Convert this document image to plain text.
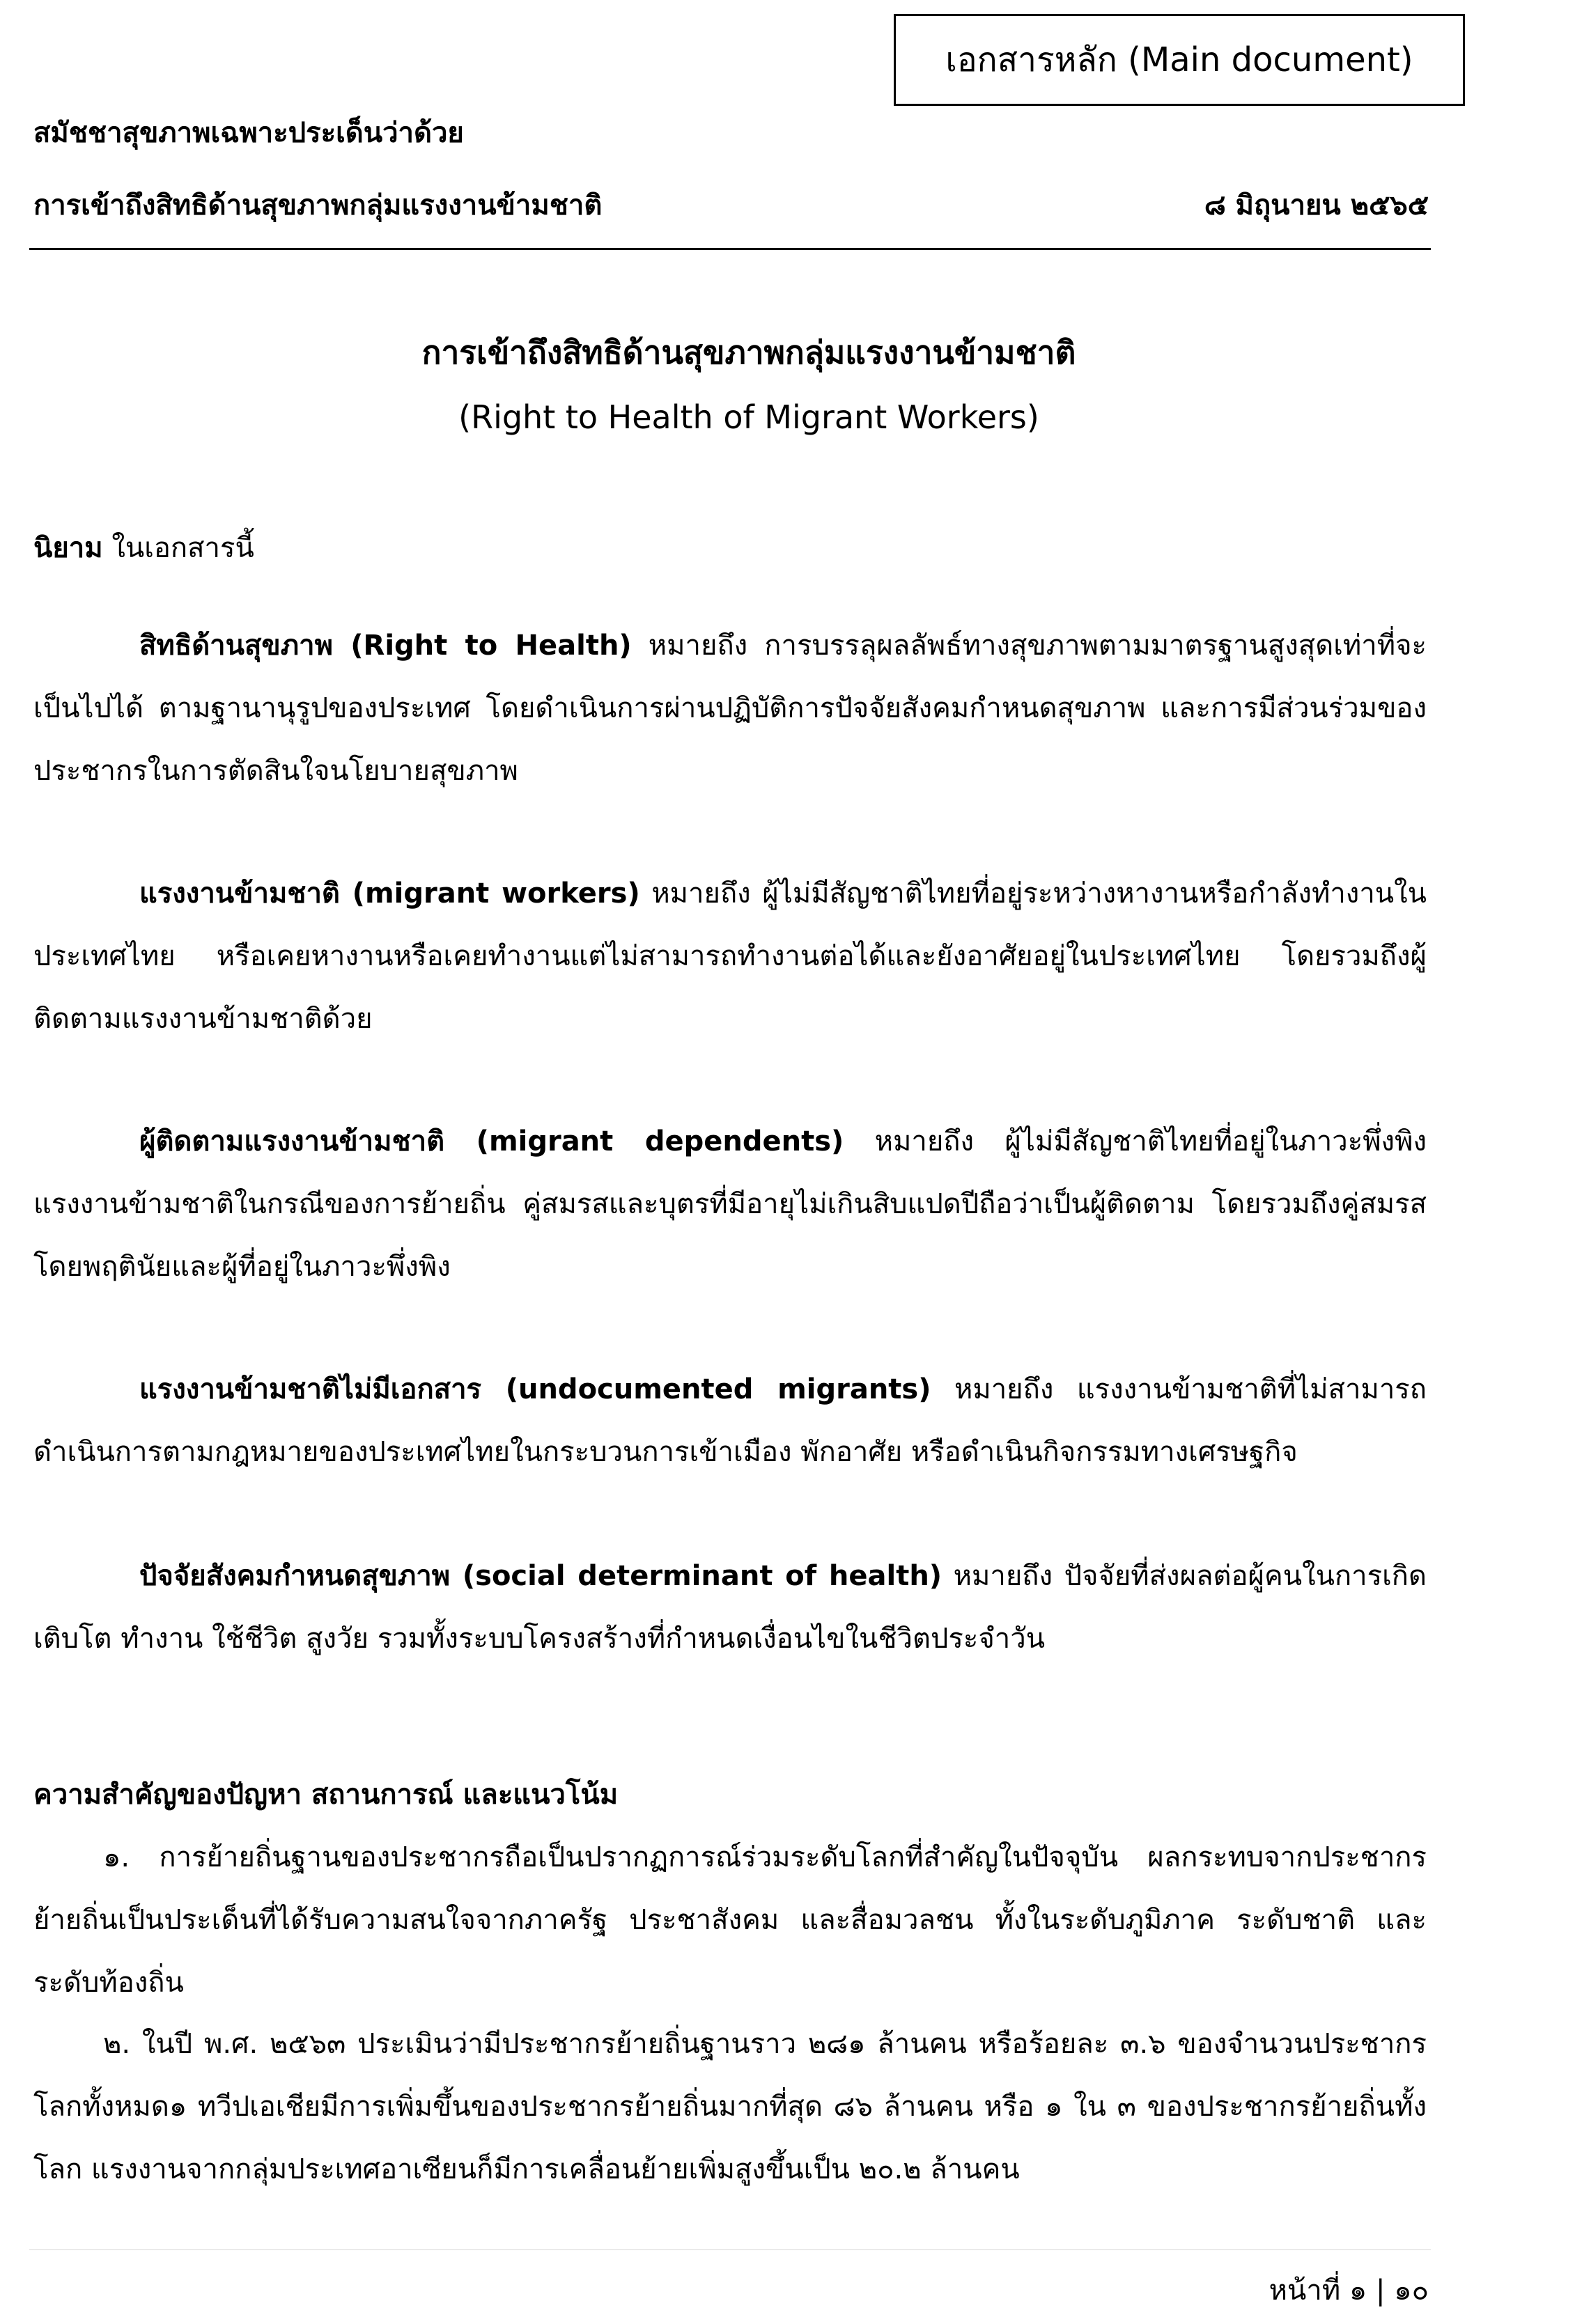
เอกสารหลัก (Main document)
สมัชชาสุขภาพเฉพาะประเด็นว่าด้วย
การเข้าถึงสิทธิด้านสุขภาพกลุ่มแรงงานข้ามชาติ	๘ มิถุนายน ๒๕๖๕
การเข้าถึงสิทธิด้านสุขภาพกลุ่มแรงงานข้ามชาติ
(Right to Health of Migrant Workers)
นิยาม ในเอกสารนี้

สิทธิด้านสุขภาพ (Right to Health) หมายถึง การบรรลุผลลัพธ์ทางสุขภาพตามมาตรฐานสูงสุดเท่าที่จะเป็นไปได้ ตามฐานานุรูปของประเทศ โดยดำเนินการผ่านปฏิบัติการปัจจัยสังคมกำหนดสุขภาพ และการมีส่วนร่วมของประชากรในการตัดสินใจนโยบายสุขภาพ

แรงงานข้ามชาติ (migrant workers) หมายถึง ผู้ไม่มีสัญชาติไทยที่อยู่ระหว่างหางานหรือกำลังทำงานในประเทศไทย หรือเคยหางานหรือเคยทำงานแต่ไม่สามารถทำงานต่อได้และยังอาศัยอยู่ในประเทศไทย โดยรวมถึงผู้ติดตามแรงงานข้ามชาติด้วย

ผู้ติดตามแรงงานข้ามชาติ (migrant dependents) หมายถึง ผู้ไม่มีสัญชาติไทยที่อยู่ในภาวะพึ่งพิงแรงงานข้ามชาติในกรณีของการย้ายถิ่น คู่สมรสและบุตรที่มีอายุไม่เกินสิบแปดปีถือว่าเป็นผู้ติดตาม โดยรวมถึงคู่สมรสโดยพฤตินัยและผู้ที่อยู่ในภาวะพึ่งพิง

แรงงานข้ามชาติไม่มีเอกสาร (undocumented migrants) หมายถึง แรงงานข้ามชาติที่ไม่สามารถดำเนินการตามกฎหมายของประเทศไทยในกระบวนการเข้าเมือง พักอาศัย หรือดำเนินกิจกรรมทางเศรษฐกิจ

ปัจจัยสังคมกำหนดสุขภาพ (social determinant of health) หมายถึง ปัจจัยที่ส่งผลต่อผู้คนในการเกิด เติบโต ทำงาน ใช้ชีวิต สูงวัย รวมทั้งระบบโครงสร้างที่กำหนดเงื่อนไขในชีวิตประจำวัน

ความสำคัญของปัญหา สถานการณ์ และแนวโน้ม

๑. การย้ายถิ่นฐานของประชากรถือเป็นปรากฏการณ์ร่วมระดับโลกที่สำคัญในปัจจุบัน ผลกระทบจากประชากรย้ายถิ่นเป็นประเด็นที่ได้รับความสนใจจากภาครัฐ ประชาสังคม และสื่อมวลชน ทั้งในระดับภูมิภาค ระดับชาติ และระดับท้องถิ่น

๒. ในปี พ.ศ. ๒๕๖๓ ประเมินว่ามีประชากรย้ายถิ่นฐานราว ๒๘๑ ล้านคน หรือร้อยละ ๓.๖ ของจำนวนประชากรโลกทั้งหมด๑ ทวีปเอเชียมีการเพิ่มขึ้นของประชากรย้ายถิ่นมากที่สุด ๘๖ ล้านคน หรือ ๑ ใน ๓ ของประชากรย้ายถิ่นทั้งโลก แรงงานจากกลุ่มประเทศอาเซียนก็มีการเคลื่อนย้ายเพิ่มสูงขึ้นเป็น ๒๐.๒ ล้านคน

หน้าที่ ๑ | ๑๐
